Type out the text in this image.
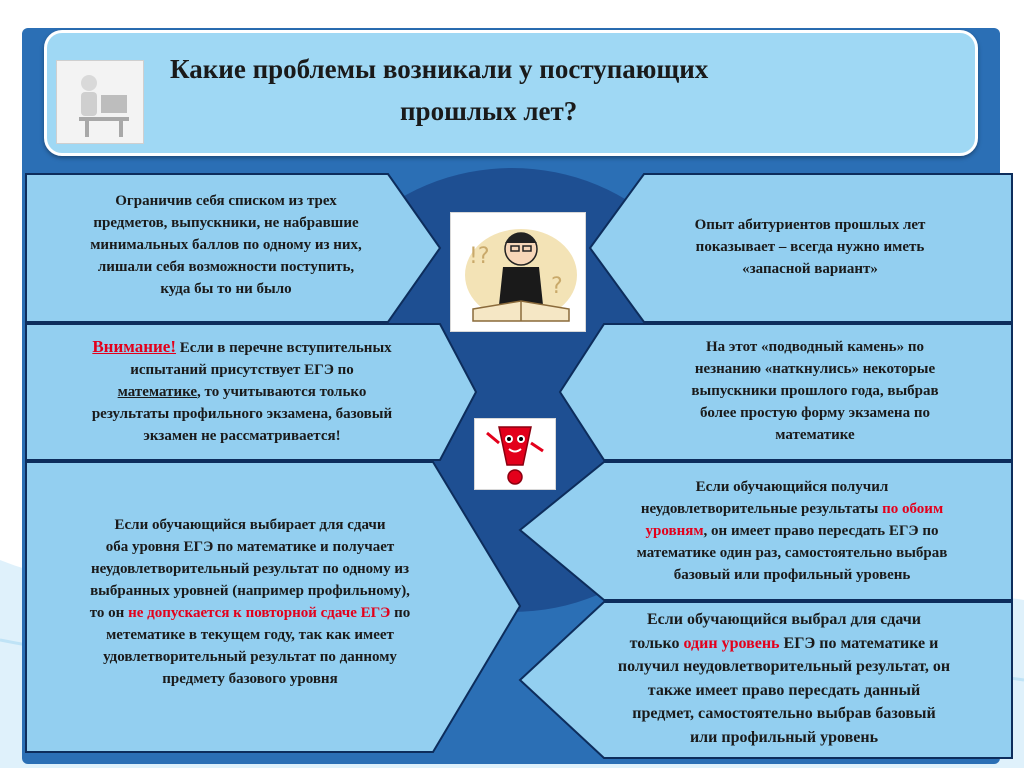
Какие проблемы возникали у поступающих
прошлых лет?
!?
?
Ограничив себя списком из трех
предметов, выпускники, не набравшие
минимальных баллов по одному из них,
лишали себя возможности поступить,
куда бы то ни было
Внимание! Если в перечне вступительных
испытаний присутствует ЕГЭ по
математике, то учитываются только
результаты профильного экзамена, базовый
экзамен не рассматривается!
Если обучающийся выбирает для сдачи
оба уровня ЕГЭ по математике и получает
неудовлетворительный результат по одному из
выбранных уровней (например профильному),
то он не допускается к повторной сдаче ЕГЭ по
метематике в текущем году, так как имеет
удовлетворительный результат по данному
предмету базового уровня
Опыт абитуриентов прошлых лет
показывает – всегда нужно иметь
«запасной вариант»
На этот «подводный камень» по
незнанию «наткнулись» некоторые
выпускники прошлого года, выбрав
более простую форму экзамена по
математике
Если обучающийся получил
неудовлетворительные результаты по обоим
уровням, он имеет право пересдать ЕГЭ по
математике один раз, самостоятельно выбрав
базовый или профильный уровень
Если обучающийся выбрал для сдачи
только один уровень ЕГЭ по математике и
получил неудовлетворительный результат, он
также имеет право пересдать данный
предмет, самостоятельно выбрав базовый
или профильный уровень
